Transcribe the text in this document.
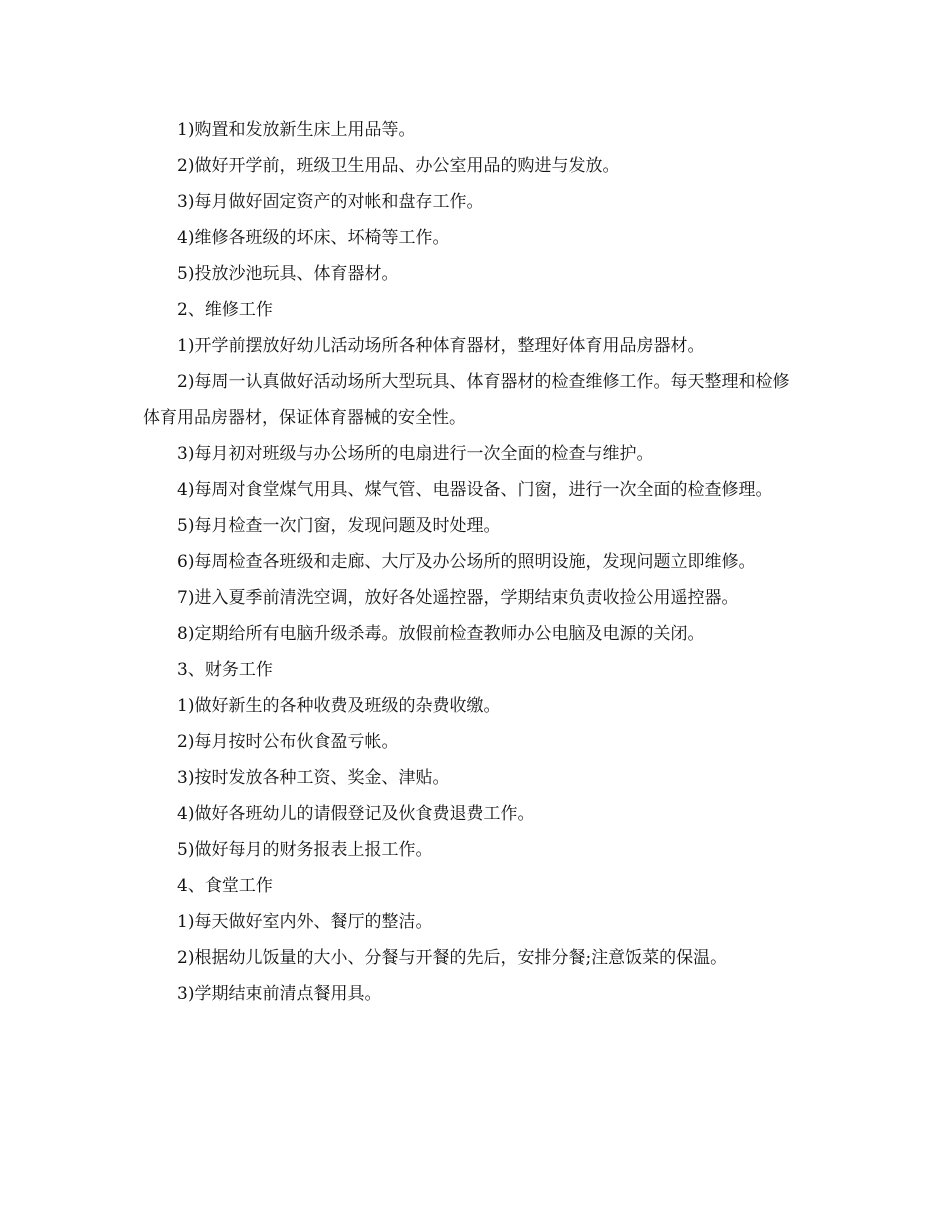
1)购置和发放新生床上用品等。

2)做好开学前，班级卫生用品、办公室用品的购进与发放。

3)每月做好固定资产的对帐和盘存工作。

4)维修各班级的坏床、坏椅等工作。

5)投放沙池玩具、体育器材。

2、维修工作

1)开学前摆放好幼儿活动场所各种体育器材，整理好体育用品房器材。

2)每周一认真做好活动场所大型玩具、体育器材的检查维修工作。每天整理和检修体育用品房器材，保证体育器械的安全性。

3)每月初对班级与办公场所的电扇进行一次全面的检查与维护。

4)每周对食堂煤气用具、煤气管、电器设备、门窗，进行一次全面的检查修理。

5)每月检查一次门窗，发现问题及时处理。

6)每周检查各班级和走廊、大厅及办公场所的照明设施，发现问题立即维修。

7)进入夏季前清洗空调，放好各处遥控器，学期结束负责收捡公用遥控器。

8)定期给所有电脑升级杀毒。放假前检查教师办公电脑及电源的关闭。

3、财务工作

1)做好新生的各种收费及班级的杂费收缴。

2)每月按时公布伙食盈亏帐。

3)按时发放各种工资、奖金、津贴。

4)做好各班幼儿的请假登记及伙食费退费工作。

5)做好每月的财务报表上报工作。

4、食堂工作

1)每天做好室内外、餐厅的整洁。

2)根据幼儿饭量的大小、分餐与开餐的先后，安排分餐;注意饭菜的保温。

3)学期结束前清点餐用具。
